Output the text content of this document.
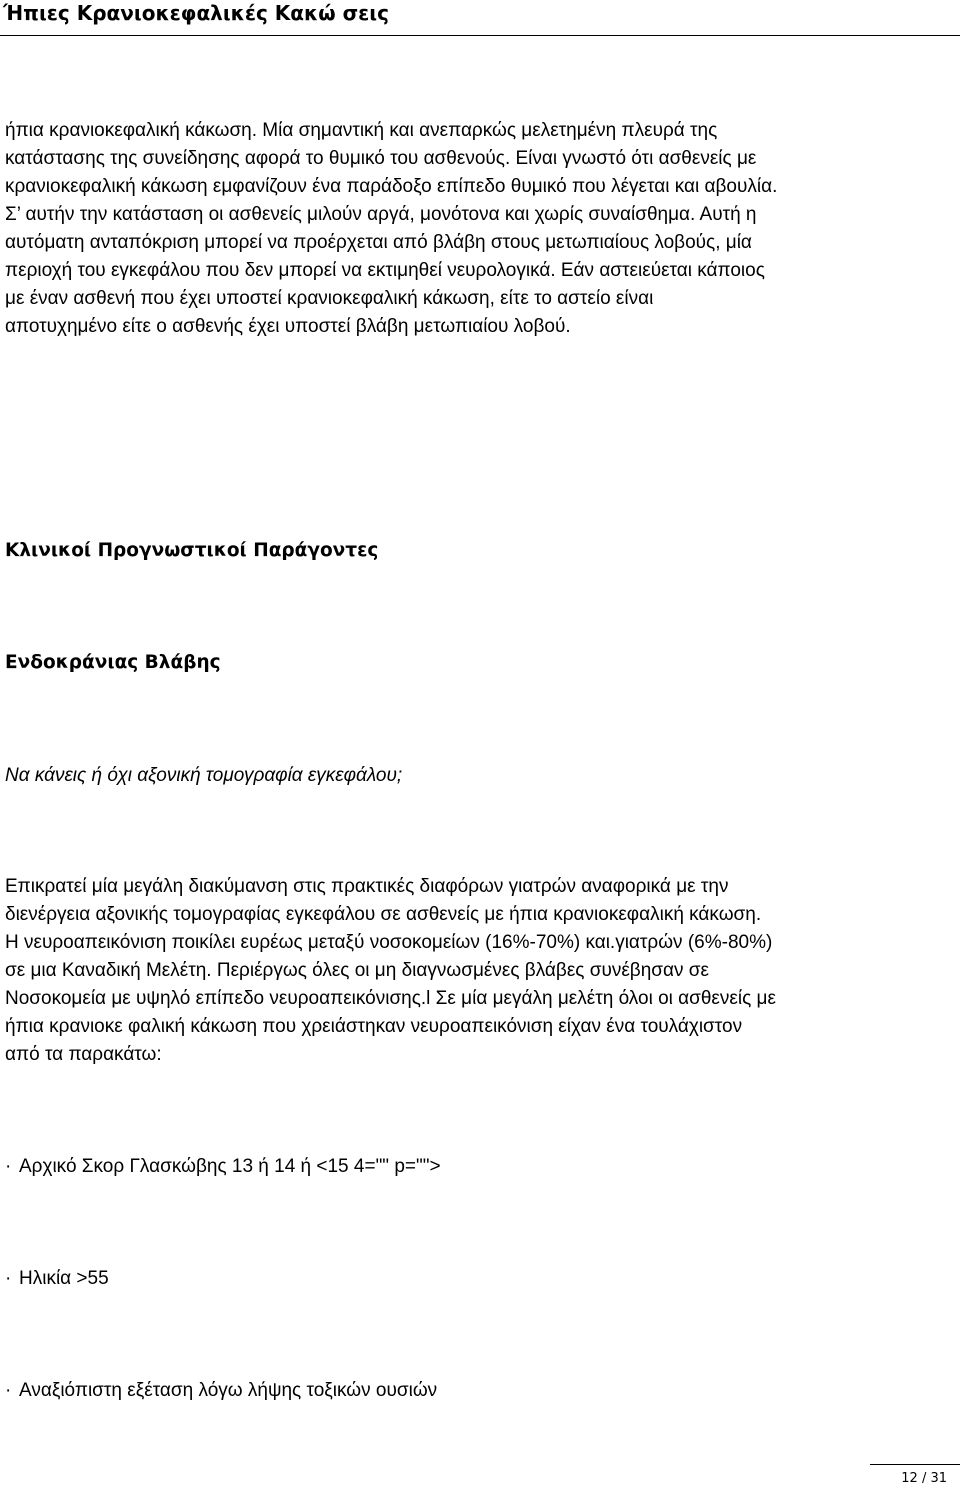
Ήπιες Κρανιοκεφαλικές Κακώ σεις
ήπια κρανιοκεφαλική κάκωση. Μία σημαντική και ανεπαρκώς μελετημένη πλευρά της
κατάστασης της συνείδησης αφορά το θυμικό του ασθενούς. Είναι γνωστό ότι ασθενείς με
κρανιοκεφαλική κάκωση εμφανίζουν ένα παράδοξο επίπεδο θυμικό που λέγεται και αβουλία.
Σ’ αυτήν την κατάσταση οι ασθενείς μιλούν αργά, μονότονα και χωρίς συναίσθημα. Αυτή η
αυτόματη ανταπόκριση μπορεί να προέρχεται από βλάβη στους μετωπιαίους λοβούς, μία
περιοχή του εγκεφάλου που δεν μπορεί να εκτιμηθεί νευρολογικά. Εάν αστειεύεται κάποιος
με έναν ασθενή που έχει υποστεί κρανιοκεφαλική κάκωση, είτε το αστείο είναι
αποτυχημένο είτε ο ασθενής έχει υποστεί βλάβη μετωπιαίου λοβού.
Κλινικοί Προγνωστικοί Παράγοντες
Ενδοκράνιας Βλάβης

Να κάνεις ή όχι αξονική τομογραφία εγκεφάλου;

Επικρατεί μία μεγάλη διακύμανση στις πρακτικές διαφόρων γιατρών αναφορικά με την
διενέργεια αξονικής τομογραφίας εγκεφάλου σε ασθενείς με ήπια κρανιοκεφαλική κάκωση.
Η νευροαπεικόνιση ποικίλει ευρέως μεταξύ νοσοκομείων (16%-70%) και.γιατρών (6%-80%)
σε μια Καναδική Μελέτη. Περιέργως όλες οι μη διαγνωσμένες βλάβες συνέβησαν σε
Νοσοκομεία με υψηλό επίπεδο νευροαπεικόνισης.l Σε μία μεγάλη μελέτη όλοι οι ασθενείς με
ήπια κρανιοκε φαλική κάκωση που χρειάστηκαν νευροαπεικόνιση είχαν ένα τουλάχιστον
από τα παρακάτω:

· Αρχικό Σκορ Γλασκώβης 13 ή 14 ή <15 4="" p="">

· Ηλικία >55

· Αναξιόπιστη εξέταση λόγω λήψης τοξικών ουσιών

12 / 31
